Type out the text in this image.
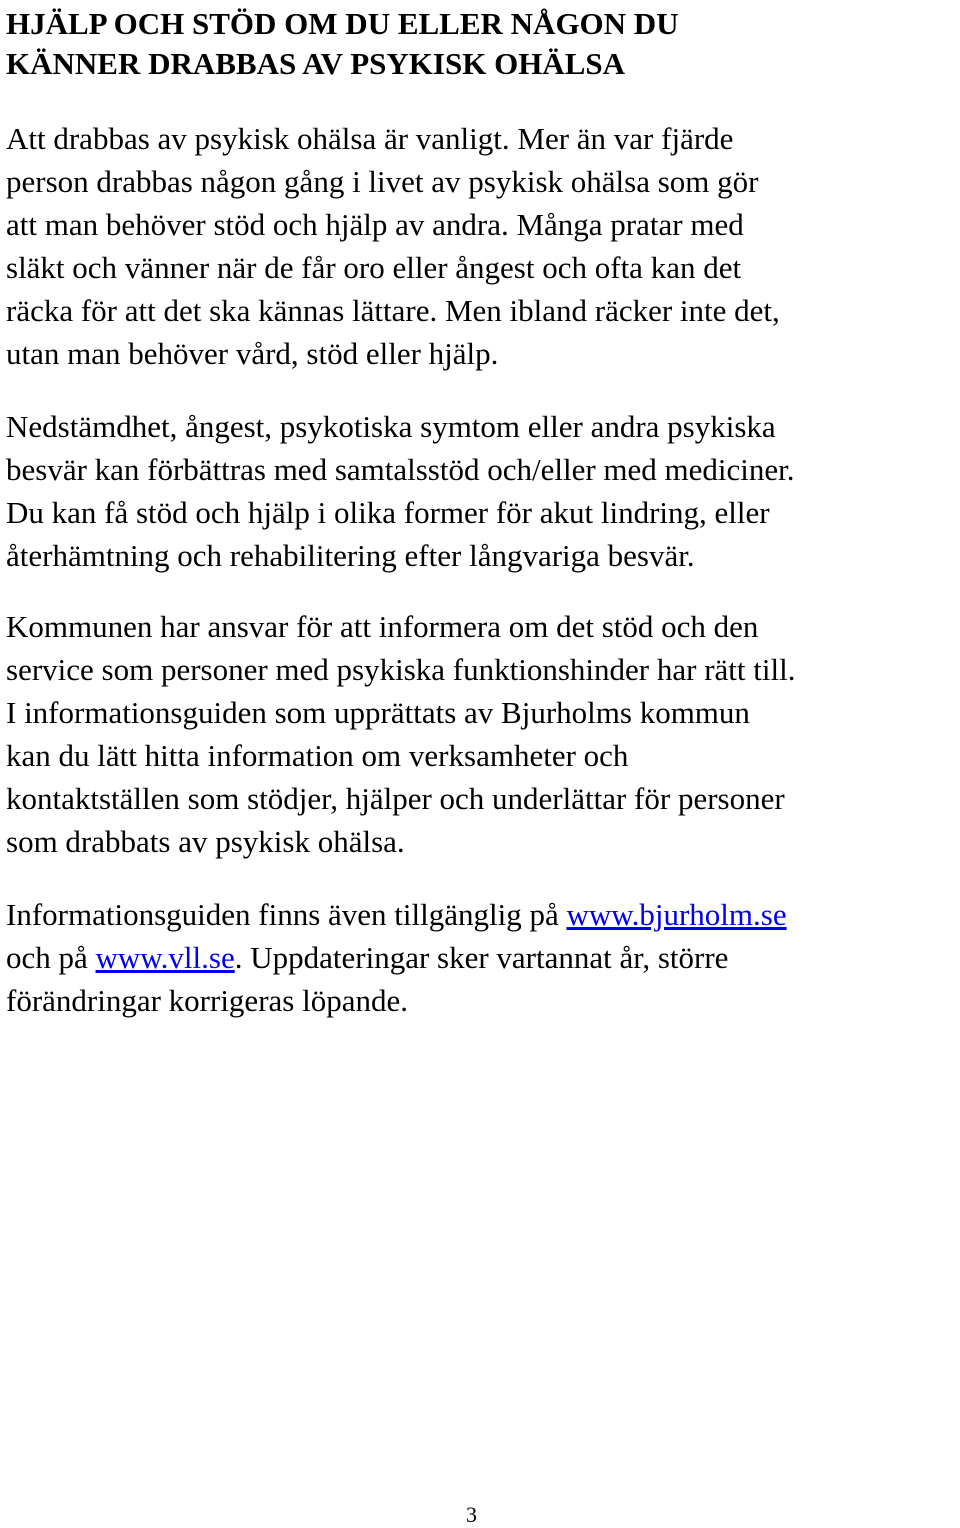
HJÄLP OCH STÖD OM DU ELLER NÅGON DU
KÄNNER DRABBAS AV PSYKISK OHÄLSA

Att drabbas av psykisk ohälsa är vanligt. Mer än var fjärde
person drabbas någon gång i livet av psykisk ohälsa som gör
att man behöver stöd och hjälp av andra. Många pratar med
släkt och vänner när de får oro eller ångest och ofta kan det
räcka för att det ska kännas lättare. Men ibland räcker inte det,
utan man behöver vård, stöd eller hjälp.

Nedstämdhet, ångest, psykotiska symtom eller andra psykiska
besvär kan förbättras med samtalsstöd och/eller med mediciner.
Du kan få stöd och hjälp i olika former för akut lindring, eller
återhämtning och rehabilitering efter långvariga besvär.

Kommunen har ansvar för att informera om det stöd och den
service som personer med psykiska funktionshinder har rätt till.
I informationsguiden som upprättats av Bjurholms kommun
kan du lätt hitta information om verksamheter och
kontaktställen som stödjer, hjälper och underlättar för personer
som drabbats av psykisk ohälsa.

Informationsguiden finns även tillgänglig på www.bjurholm.se
och på www.vll.se. Uppdateringar sker vartannat år, större
förändringar korrigeras löpande.

3
